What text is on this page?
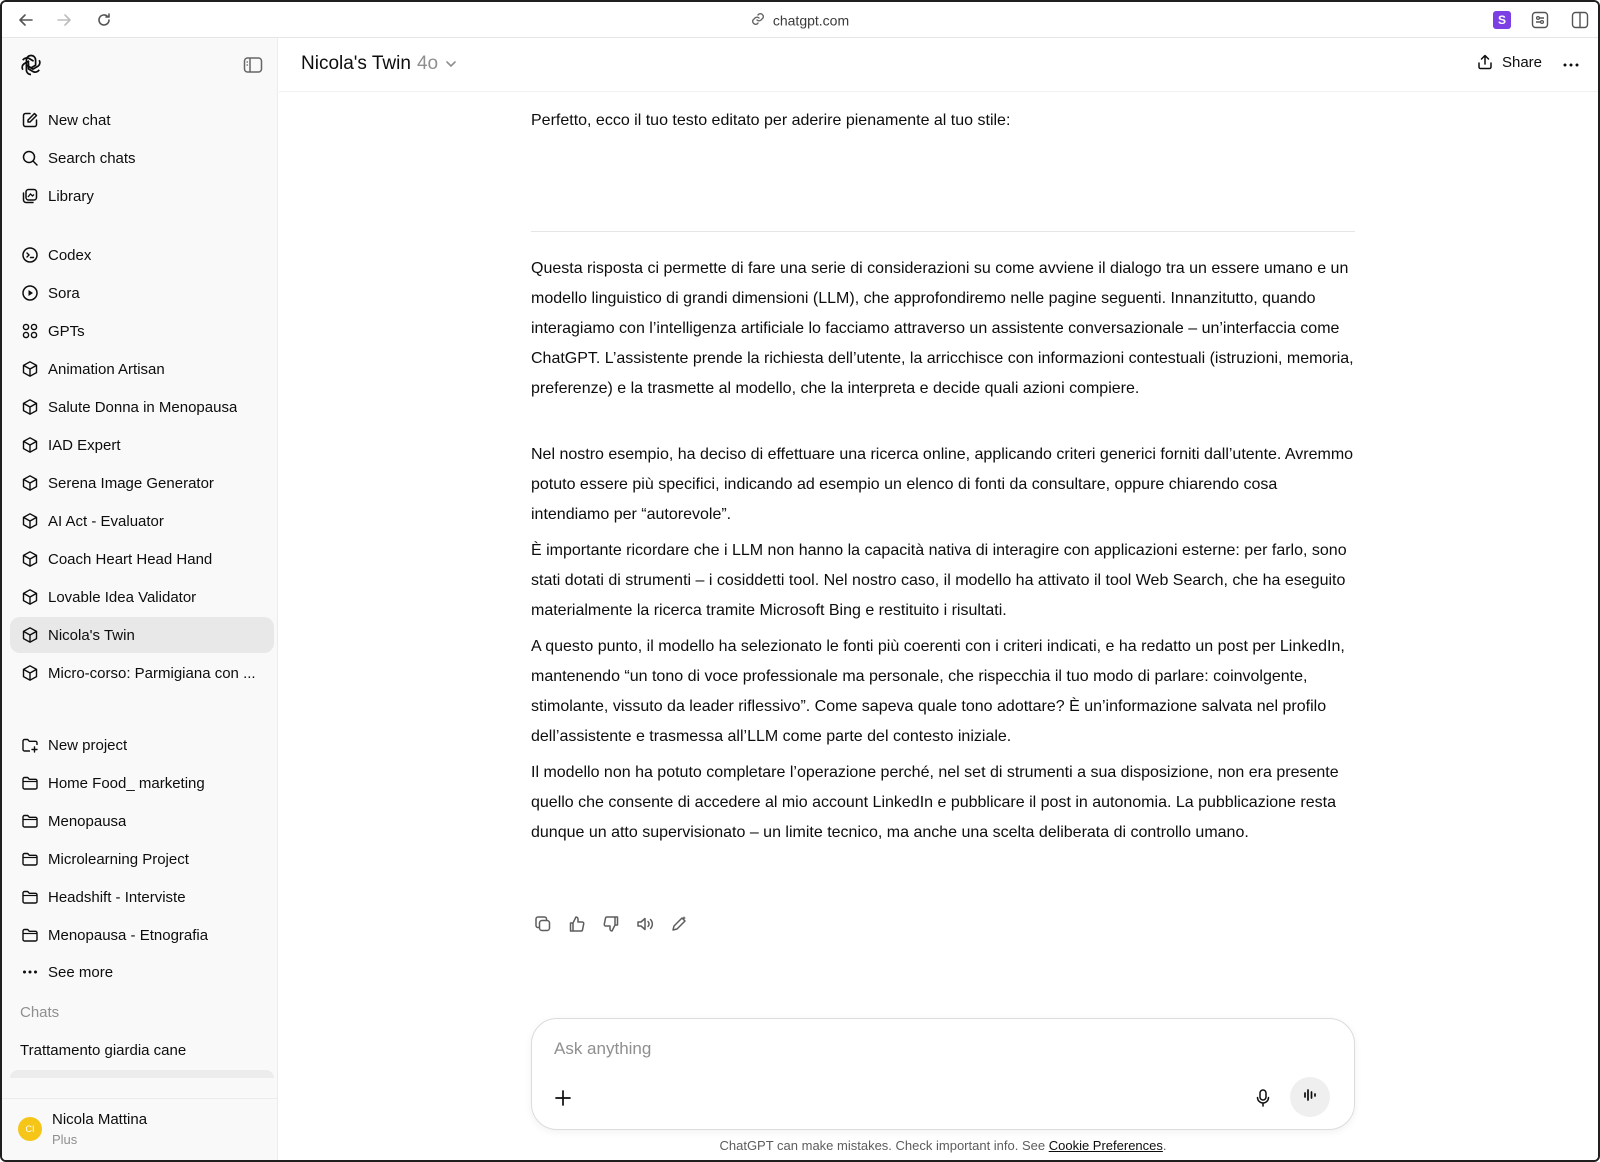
chatgpt.com	S
New chat
Search chats
Library
Codex
Sora
GPTs
Animation Artisan
Salute Donna in Menopausa
IAD Expert
Serena Image Generator
AI Act - Evaluator
Coach Heart Head Hand
Lovable Idea Validator
Nicola's Twin
Micro-corso: Parmigiana con ...
New project
Home Food_ marketing
Menopausa
Microlearning Project
Headshift - Interviste
Menopausa - Etnografia
See more
Chats
Trattamento giardia cane
CI
Nicola Mattina
Plus
Nicola's Twin 4o	Share
Perfetto, ecco il tuo testo editato per aderire pienamente al tuo stile:
Questa risposta ci permette di fare una serie di considerazioni su come avviene il dialogo tra un essere umano e un modello linguistico di grandi dimensioni (LLM), che approfondiremo nelle pagine seguenti. Innanzitutto, quando interagiamo con l’intelligenza artificiale lo facciamo attraverso un assistente conversazionale – un’interfaccia come ChatGPT. L’assistente prende la richiesta dell’utente, la arricchisce con informazioni contestuali (istruzioni, memoria, preferenze) e la trasmette al modello, che la interpreta e decide quali azioni compiere.
Nel nostro esempio, ha deciso di effettuare una ricerca online, applicando criteri generici forniti dall’utente. Avremmo potuto essere più specifici, indicando ad esempio un elenco di fonti da consultare, oppure chiarendo cosa intendiamo per “autorevole”.
È importante ricordare che i LLM non hanno la capacità nativa di interagire con applicazioni esterne: per farlo, sono stati dotati di strumenti – i cosiddetti tool. Nel nostro caso, il modello ha attivato il tool Web Search, che ha eseguito materialmente la ricerca tramite Microsoft Bing e restituito i risultati.
A questo punto, il modello ha selezionato le fonti più coerenti con i criteri indicati, e ha redatto un post per LinkedIn, mantenendo “un tono di voce professionale ma personale, che rispecchia il tuo modo di parlare: coinvolgente, stimolante, vissuto da leader riflessivo”. Come sapeva quale tono adottare? È un’informazione salvata nel profilo dell’assistente e trasmessa all’LLM come parte del contesto iniziale.
Il modello non ha potuto completare l’operazione perché, nel set di strumenti a sua disposizione, non era presente quello che consente di accedere al mio account LinkedIn e pubblicare il post in autonomia. La pubblicazione resta dunque un atto supervisionato – un limite tecnico, ma anche una scelta deliberata di controllo umano.
Ask anything
ChatGPT can make mistakes. Check important info. See Cookie Preferences.
